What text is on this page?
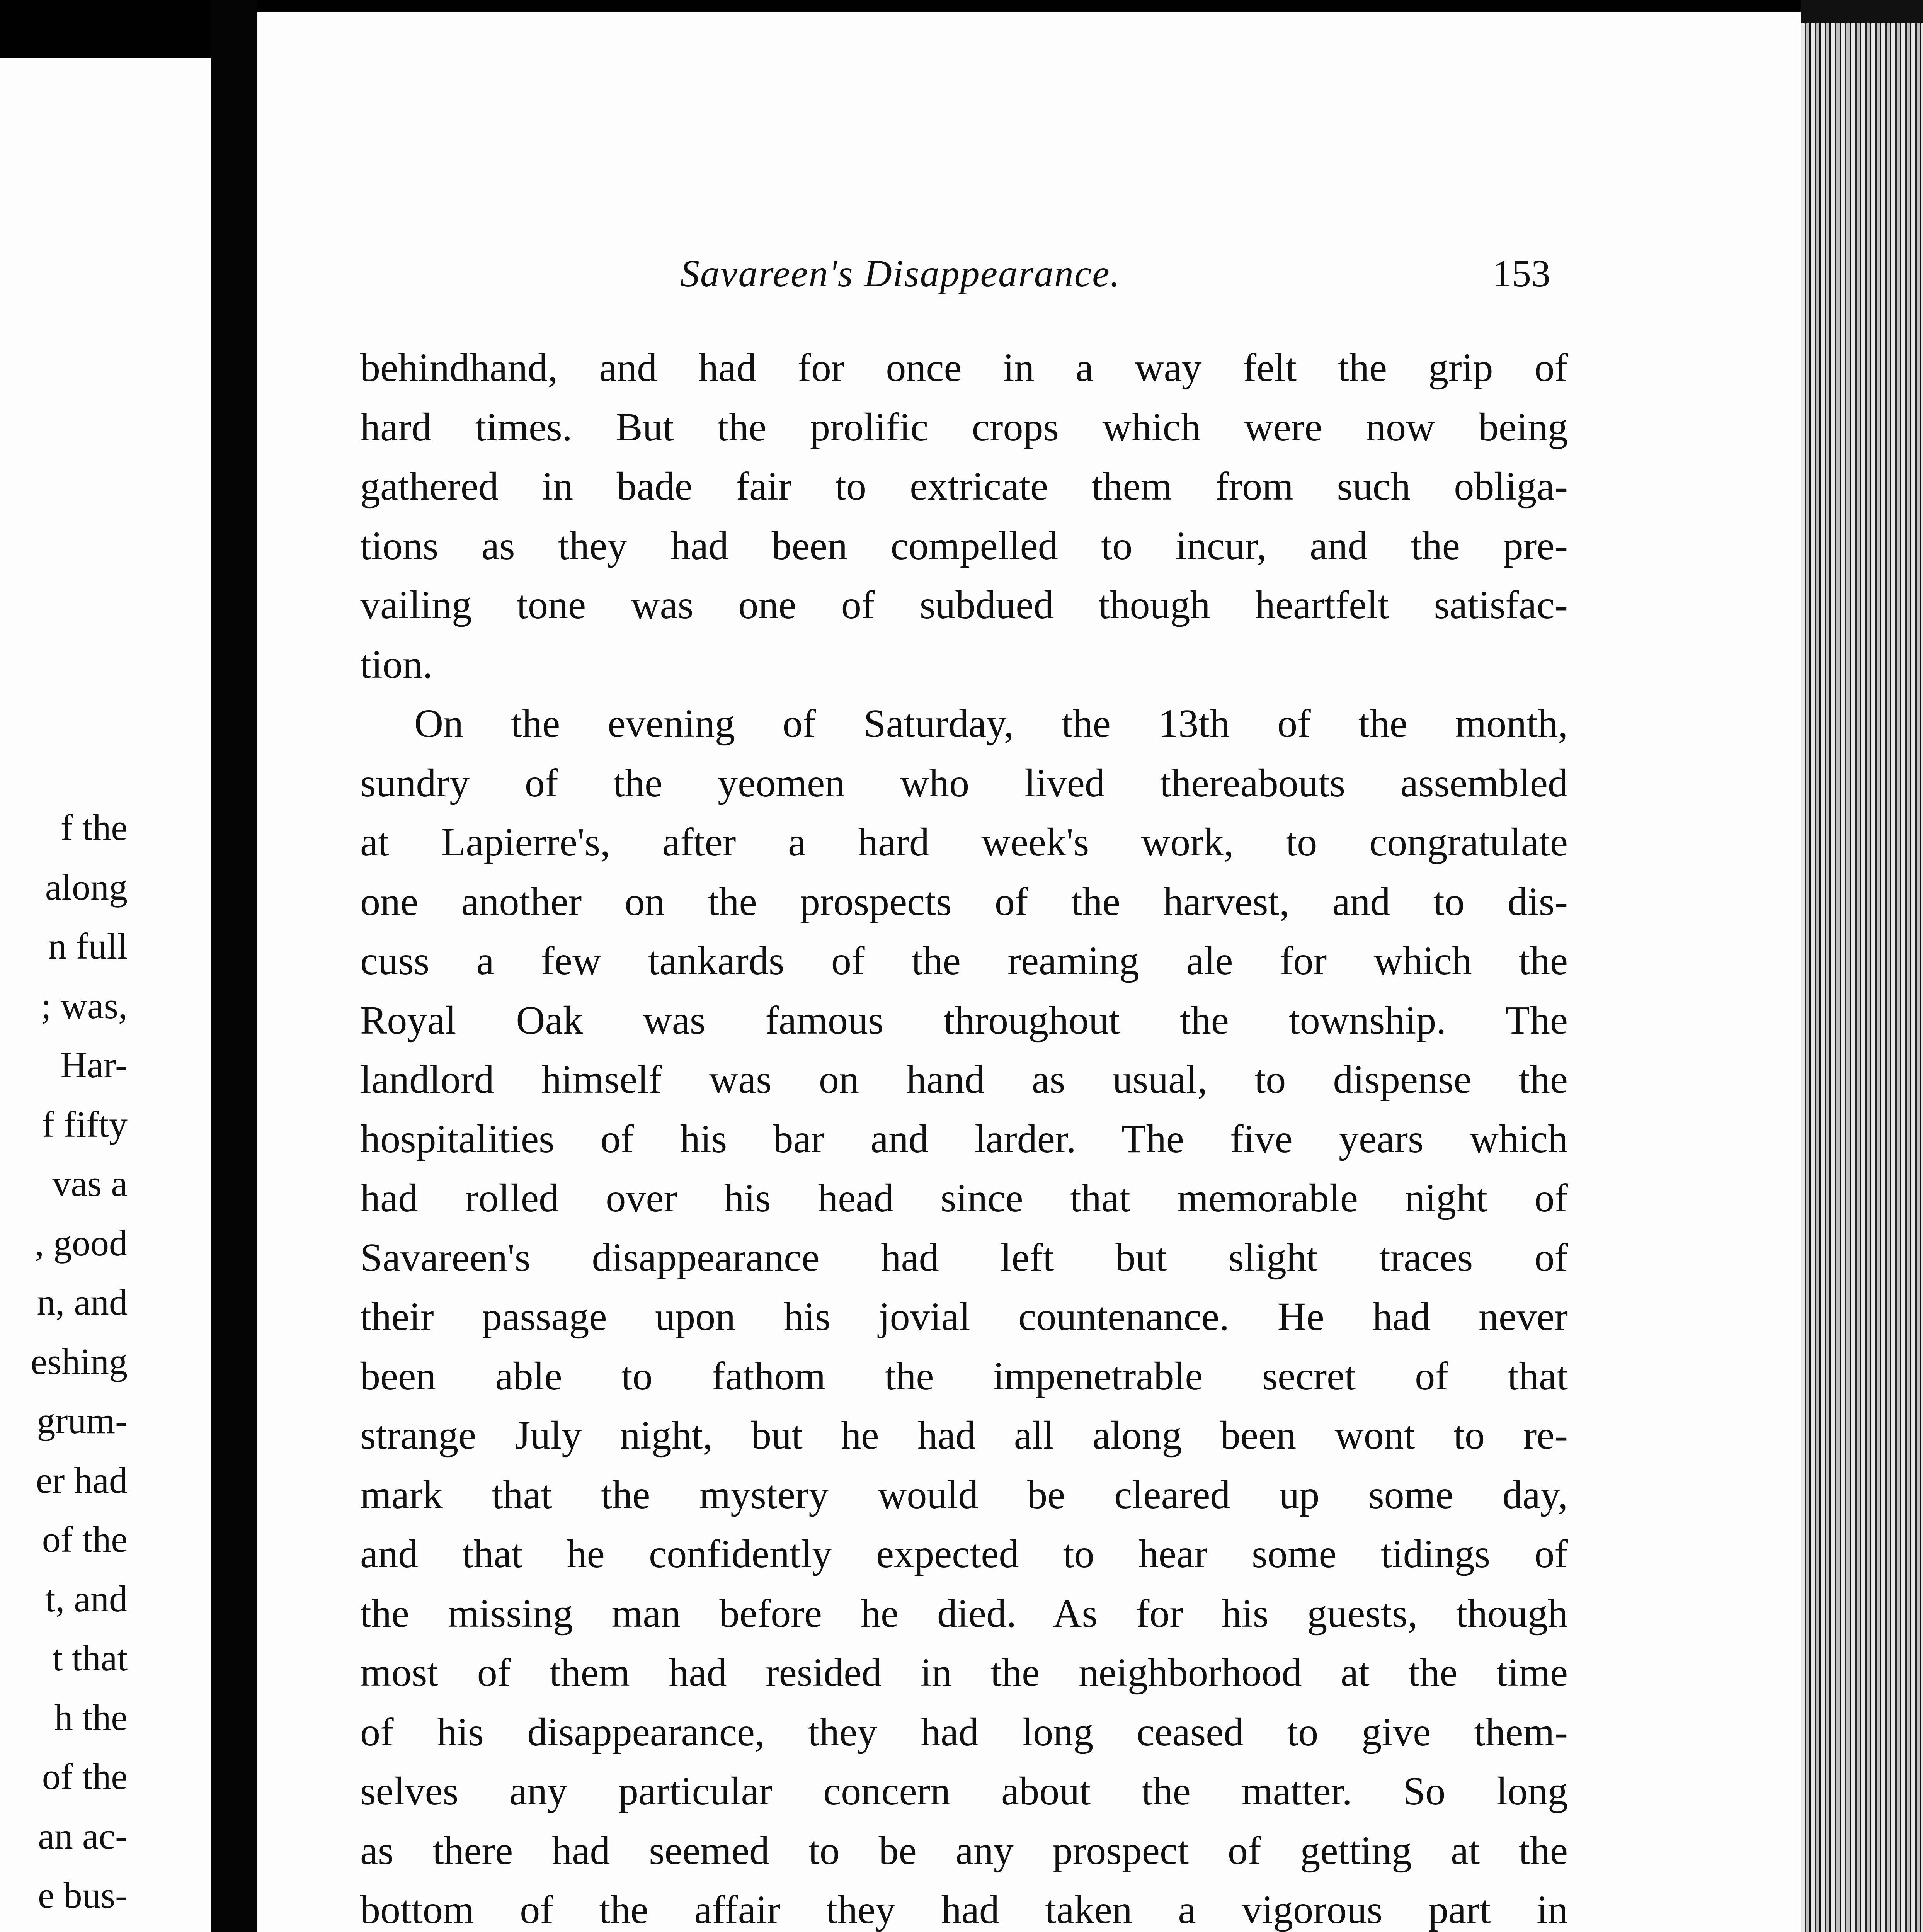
f the
along
n full
; was,
Har-
f fifty
vas a
, good
n, and
eshing
grum-
er had
of the
t, and
t that
h the
of the
an ac-
e bus-
Savareen's Disappearance.	153
behindhand, and had for once in a way felt the grip of
hard times. But the prolific crops which were now being
gathered in bade fair to extricate them from such obliga-
tions as they had been compelled to incur, and the pre-
vailing tone was one of subdued though heartfelt satisfac-
tion.
On the evening of Saturday, the 13th of the month,
sundry of the yeomen who lived thereabouts assembled
at Lapierre's, after a hard week's work, to congratulate
one another on the prospects of the harvest, and to dis-
cuss a few tankards of the reaming ale for which the
Royal Oak was famous throughout the township. The
landlord himself was on hand as usual, to dispense the
hospitalities of his bar and larder. The five years which
had rolled over his head since that memorable night of
Savareen's disappearance had left but slight traces of
their passage upon his jovial countenance. He had never
been able to fathom the impenetrable secret of that
strange July night, but he had all along been wont to re-
mark that the mystery would be cleared up some day,
and that he confidently expected to hear some tidings of
the missing man before he died. As for his guests, though
most of them had resided in the neighborhood at the time
of his disappearance, they had long ceased to give them-
selves any particular concern about the matter. So long
as there had seemed to be any prospect of getting at the
bottom of the affair they had taken a vigorous part in
